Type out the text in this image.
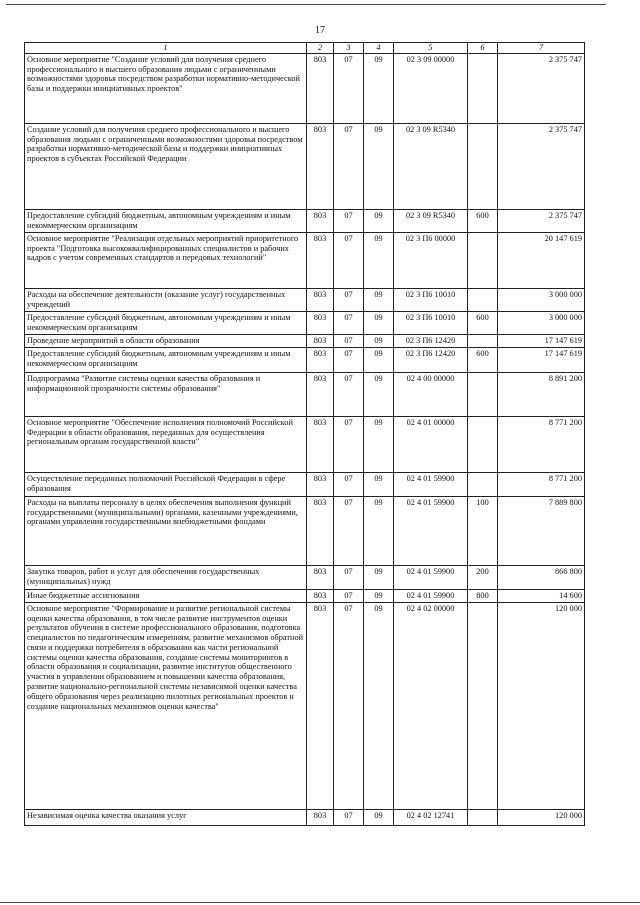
17
1	2	3	4	5	6	7
Основное мероприятие "Создание условий для получения среднего профессионального и высшего образования людьми с ограниченными возможностями здоровья посредством разработки нормативно-методической базы и поддержки инициативных проектов"	803	07	09	02 3 09 00000		2 375 747
Создание условий для получения среднего профессионального и высшего образования людьми с ограниченными возможностями здоровья посредством разработки нормативно-методической базы и поддержки инициативных проектов в субъектах Российской Федерации	803	07	09	02 3 09 R5340		2 375 747
Предоставление субсидий бюджетным, автономным учреждениям и иным некоммерческим организациям	803	07	09	02 3 09 R5340	600	2 375 747
Основное мероприятие "Реализация отдельных мероприятий приоритетного проекта "Подготовка высококвалифицированных специалистов и рабочих кадров с учетом современных стандартов и передовых технологий"	803	07	09	02 3 П6 00000		20 147 619
Расходы на обеспечение деятельности (оказание услуг) государственных учреждений	803	07	09	02 3 П6 10010		3 000 000
Предоставление субсидий бюджетным, автономным учреждениям и иным некоммерческим организациям	803	07	09	02 3 П6 10010	600	3 000 000
Проведение мероприятий в области образования	803	07	09	02 3 П6 12420		17 147 619
Предоставление субсидий бюджетным, автономным учреждениям и иным некоммерческим организациям	803	07	09	02 3 П6 12420	600	17 147 619
Подпрограмма "Развитие системы оценки качества образования и информационной прозрачности системы образования"	803	07	09	02 4 00 00000		8 891 200
Основное мероприятие "Обеспечение исполнения полномочий Российской Федерации в области образования, переданных для осуществления региональным органам государственной власти"	803	07	09	02 4 01 00000		8 771 200
Осуществление переданных полномочий Российской Федерации в сфере образования	803	07	09	02 4 01 59900		8 771 200
Расходы на выплаты персоналу в целях обеспечения выполнения функций государственными (муниципальными) органами, казенными учреждениями, органами управления государственными внебюджетными фондами	803	07	09	02 4 01 59900	100	7 889 800
Закупка товаров, работ и услуг для обеспечения государственных (муниципальных) нужд	803	07	09	02 4 01 59900	200	866 800
Иные бюджетные ассигнования	803	07	09	02 4 01 59900	800	14 600
Основное мероприятие "Формирование и развитие региональной системы оценки качества образования, в том числе развитие инструментов оценки результатов обучения в системе профессионального образования, подготовка специалистов по педагогическим измерениям, развитие механизмов обратной связи и поддержки потребителя в образовании как части региональной системы оценки качества образования, создание системы мониторингов в области образования и социализации, развитие институтов общественного участия в управлении образованием и повышении качества образования, развитие национально-региональной системы независимой оценки качества общего образования через реализацию пилотных региональных проектов и создание национальных механизмов оценки качества"	803	07	09	02 4 02 00000		120 000
Независимая оценка качества оказания услуг	803	07	09	02 4 02 12741		120 000
